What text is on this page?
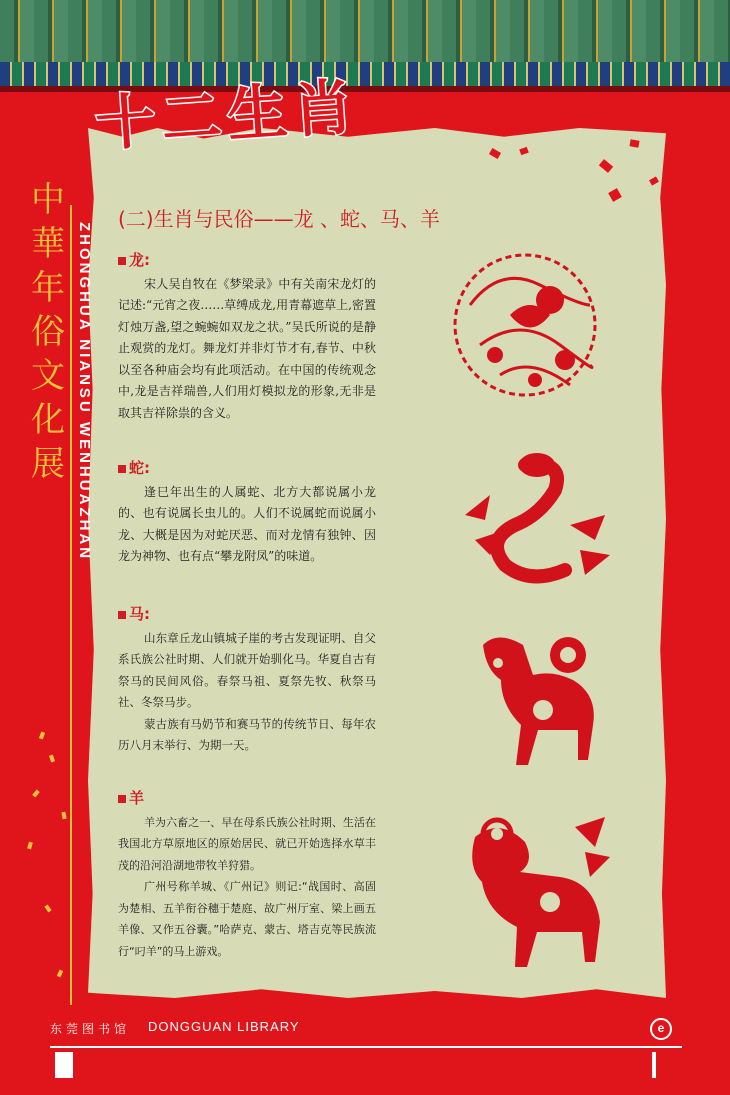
十二生肖
中
華
年
俗
文
化
展 ZHONGHUA NIANSU WENHUAZHAN
(二)生肖与民俗——龙 、蛇、马、羊
龙:

宋人吴自牧在《梦梁录》中有关南宋龙灯的记述:“元宵之夜……草缚成龙,用青幕遮草上,密置灯烛万盏,望之蜿蜿如双龙之状。”吴氏所说的是静止观赏的龙灯。舞龙灯并非灯节才有,春节、中秋以至各种庙会均有此项活动。在中国的传统观念中,龙是吉祥瑞兽,人们用灯模拟龙的形象,无非是取其吉祥除祟的含义。

蛇:

逢巳年出生的人属蛇、北方大都说属小龙的、也有说属长虫儿的。人们不说属蛇而说属小龙、大概是因为对蛇厌恶、而对龙情有独钟、因龙为神物、也有点“攀龙附凤”的味道。

马:

山东章丘龙山镇城子崖的考古发现证明、自父系氏族公社时期、人们就开始驯化马。华夏自古有祭马的民间风俗。春祭马祖、夏祭先牧、秋祭马社、冬祭马步。

蒙古族有马奶节和赛马节的传统节日、每年农历八月末举行、为期一天。

羊

羊为六畜之一、早在母系氏族公社时期、生活在我国北方草原地区的原始居民、就已开始选择水草丰茂的沿河沿湖地带牧羊狩猎。

广州号称羊城、《广州记》则记:“战国时、高固为楚相、五羊衔谷穗于楚庭、故广州厅室、梁上画五羊像、又作五谷囊。”哈萨克、蒙古、塔吉克等民族流行“叼羊”的马上游戏。

东莞图书馆 DONGGUAN LIBRARY	e
